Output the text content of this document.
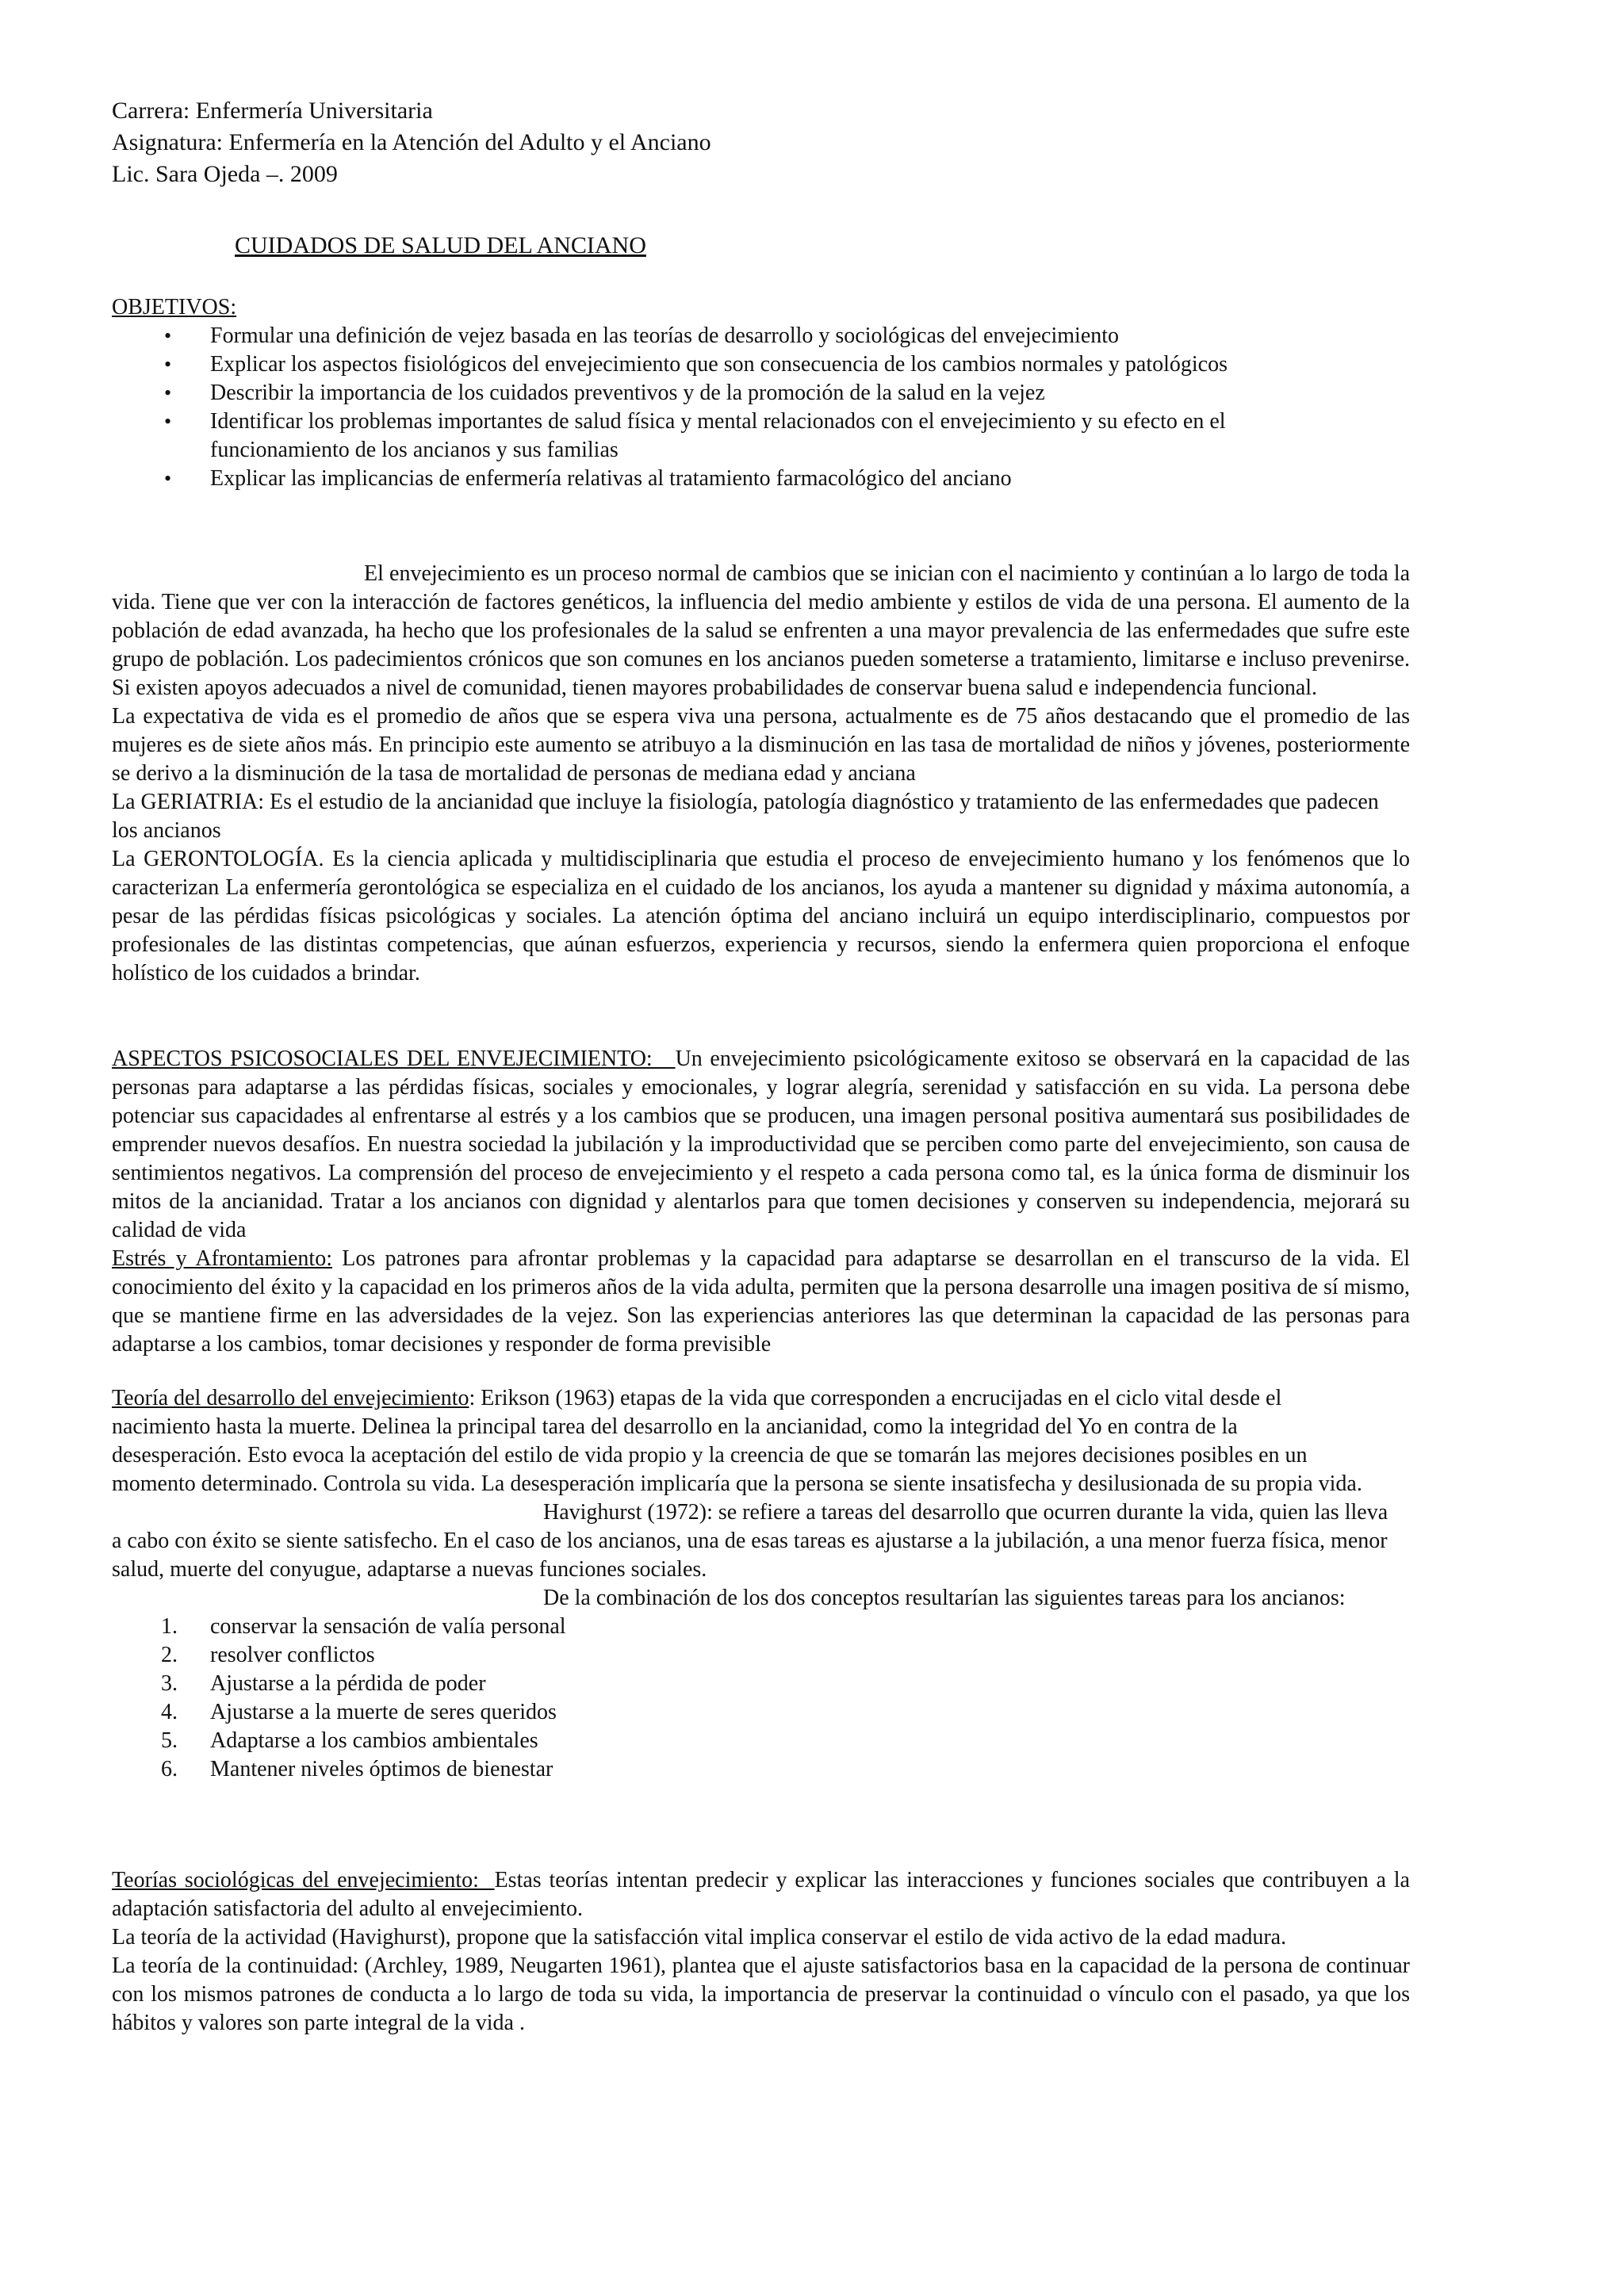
Carrera: Enfermería Universitaria
Asignatura: Enfermería en la Atención del Adulto y el Anciano
Lic. Sara Ojeda –. 2009
CUIDADOS DE SALUD DEL ANCIANO
OBJETIVOS:
• Formular una definición de vejez basada en las teorías de desarrollo y sociológicas del envejecimiento
• Explicar los aspectos fisiológicos del envejecimiento que son consecuencia de los cambios normales y patológicos
• Describir la importancia de los cuidados preventivos y de la promoción de la salud en la vejez
• Identificar los problemas importantes de salud física y mental relacionados con el envejecimiento y su efecto en el funcionamiento de los ancianos y sus familias
• Explicar las implicancias de enfermería relativas al tratamiento farmacológico del anciano

El envejecimiento es un proceso normal de cambios que se inician con el nacimiento y continúan a lo largo de toda la vida. Tiene que ver con la interacción de factores genéticos, la influencia del medio ambiente y estilos de vida de una persona. El aumento de la población de edad avanzada, ha hecho que los profesionales de la salud se enfrenten a una mayor prevalencia de las enfermedades que sufre este grupo de población. Los padecimientos crónicos que son comunes en los ancianos pueden someterse a tratamiento, limitarse e incluso prevenirse. Si existen apoyos adecuados a nivel de comunidad, tienen mayores probabilidades de conservar buena salud e independencia funcional.

La expectativa de vida es el promedio de años que se espera viva una persona, actualmente es de 75 años destacando que el promedio de las mujeres es de siete años más. En principio este aumento se atribuyo a la disminución en las tasa de mortalidad de niños y jóvenes, posteriormente se derivo a la disminución de la tasa de mortalidad de personas de mediana edad y anciana

La GERIATRIA: Es el estudio de la ancianidad que incluye la fisiología, patología diagnóstico y tratamiento de las enfermedades que padecen los ancianos

La GERONTOLOGÍA. Es la ciencia aplicada y multidisciplinaria que estudia el proceso de envejecimiento humano y los fenómenos que lo caracterizan La enfermería gerontológica se especializa en el cuidado de los ancianos, los ayuda a mantener su dignidad y máxima autonomía, a pesar de las pérdidas físicas psicológicas y sociales. La atención óptima del anciano incluirá un equipo interdisciplinario, compuestos por profesionales de las distintas competencias, que aúnan esfuerzos, experiencia y recursos, siendo la enfermera quien proporciona el enfoque holístico de los cuidados a brindar.

ASPECTOS PSICOSOCIALES DEL ENVEJECIMIENTO:   Un envejecimiento psicológicamente exitoso se observará en la capacidad de las personas para adaptarse a las pérdidas físicas, sociales y emocionales, y lograr alegría, serenidad y satisfacción en su vida. La persona debe potenciar sus capacidades al enfrentarse al estrés y a los cambios que se producen, una imagen personal positiva aumentará sus posibilidades de emprender nuevos desafíos. En nuestra sociedad la jubilación y la improductividad que se perciben como parte del envejecimiento, son causa de sentimientos negativos. La comprensión del proceso de envejecimiento y el respeto a cada persona como tal, es la única forma de disminuir los mitos de la ancianidad. Tratar a los ancianos con dignidad y alentarlos para que tomen decisiones y conserven su independencia, mejorará su calidad de vida

Estrés y Afrontamiento: Los patrones para afrontar problemas y la capacidad para adaptarse se desarrollan en el transcurso de la vida. El conocimiento del éxito y la capacidad en los primeros años de la vida adulta, permiten que la persona desarrolle una imagen positiva de sí mismo, que se mantiene firme en las adversidades de la vejez. Son las experiencias anteriores las que determinan la capacidad de las personas para adaptarse a los cambios, tomar decisiones y responder de forma previsible

Teoría del desarrollo del envejecimiento: Erikson (1963) etapas de la vida que corresponden a encrucijadas en el ciclo vital desde el nacimiento hasta la muerte. Delinea la principal tarea del desarrollo en la ancianidad, como la integridad del Yo en contra de la desesperación. Esto evoca la aceptación del estilo de vida propio y la creencia de que se tomarán las mejores decisiones posibles en un momento determinado. Controla su vida. La desesperación implicaría que la persona se siente insatisfecha y desilusionada de su propia vida.

Havighurst (1972): se refiere a tareas del desarrollo que ocurren durante la vida, quien las lleva a cabo con éxito se siente satisfecho. En el caso de los ancianos, una de esas tareas es ajustarse a la jubilación, a una menor fuerza física, menor salud, muerte del conyugue, adaptarse a nuevas funciones sociales.

De la combinación de los dos conceptos resultarían las siguientes tareas para los ancianos:

1. conservar la sensación de valía personal
2. resolver conflictos
3. Ajustarse a la pérdida de poder
4. Ajustarse a la muerte de seres queridos
5. Adaptarse a los cambios ambientales
6. Mantener niveles óptimos de bienestar

Teorías sociológicas del envejecimiento:  Estas teorías intentan predecir y explicar las interacciones y funciones sociales que contribuyen a la adaptación satisfactoria del adulto al envejecimiento.

La teoría de la actividad (Havighurst), propone que la satisfacción vital implica conservar el estilo de vida activo de la edad madura.

La teoría de la continuidad: (Archley, 1989, Neugarten 1961), plantea que el ajuste satisfactorios basa en la capacidad de la persona de continuar con los mismos patrones de conducta a lo largo de toda su vida, la importancia de preservar la continuidad o vínculo con el pasado, ya que los hábitos y valores son parte integral de la vida .
